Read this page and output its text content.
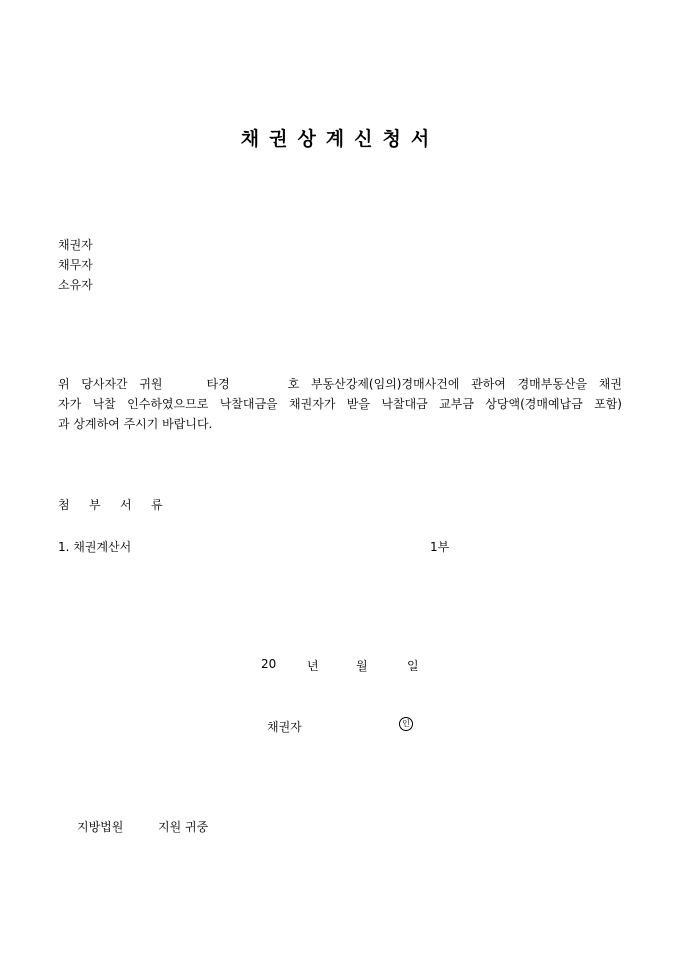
채권상계신청서
채권자
채무자
소유자
위 당사자간 귀원	타경	호 부동산강제(임의)경매사건에 관하여 경매부동산을 채권
자가 낙찰 인수하였으므로 낙찰대금을 채권자가 받을 낙찰대금 교부금 상당액(경매예납금 포함)
과 상계하여 주시기 바랍니다.
첨 부 서 류
1. 채권계산서	1부
20	년	월	일
채권자	인
지방법원	지원 귀중
